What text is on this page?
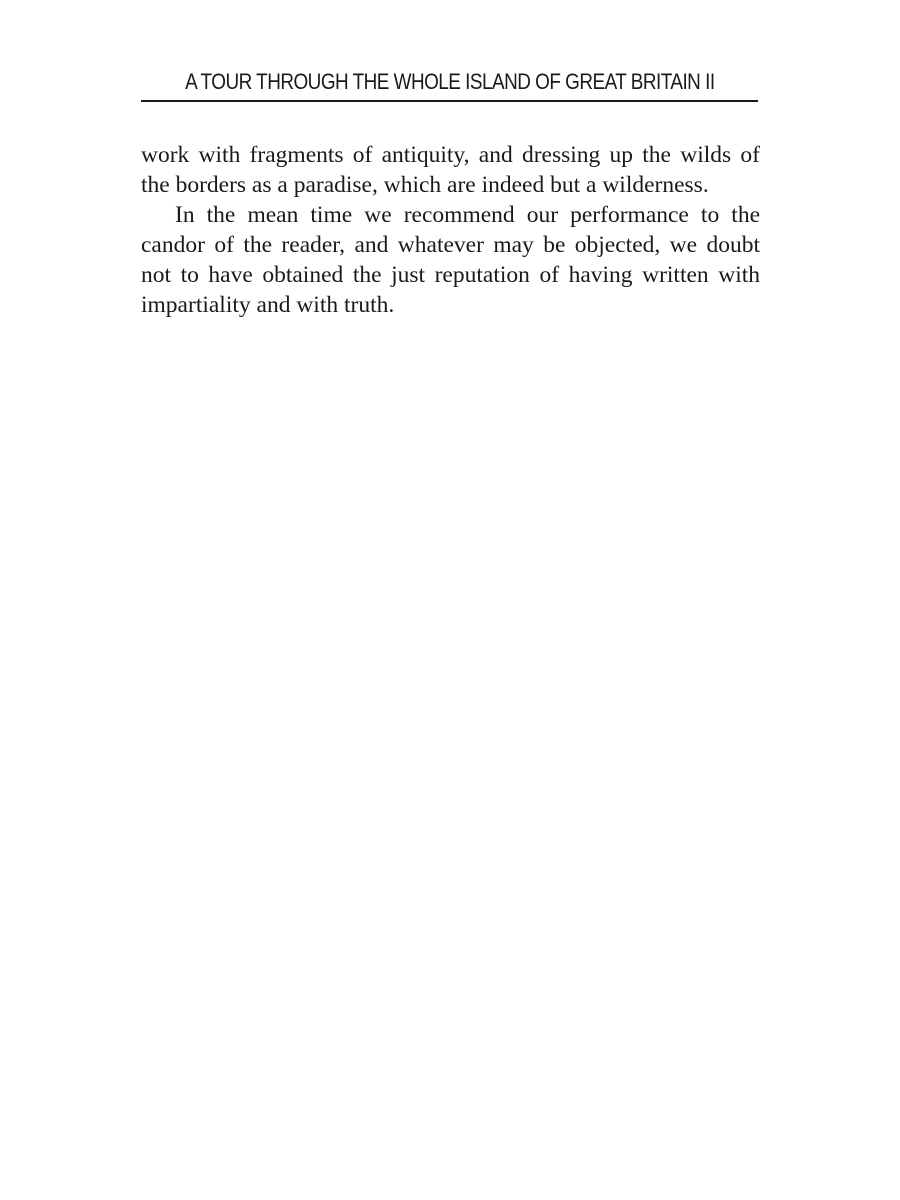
A TOUR THROUGH THE WHOLE ISLAND OF GREAT BRITAIN II

work with fragments of antiquity, and dressing up the wilds of the borders as a paradise, which are indeed but a wilderness.

In the mean time we recommend our performance to the candor of the reader, and whatever may be objected, we doubt not to have obtained the just reputation of having written with impartiality and with truth.
